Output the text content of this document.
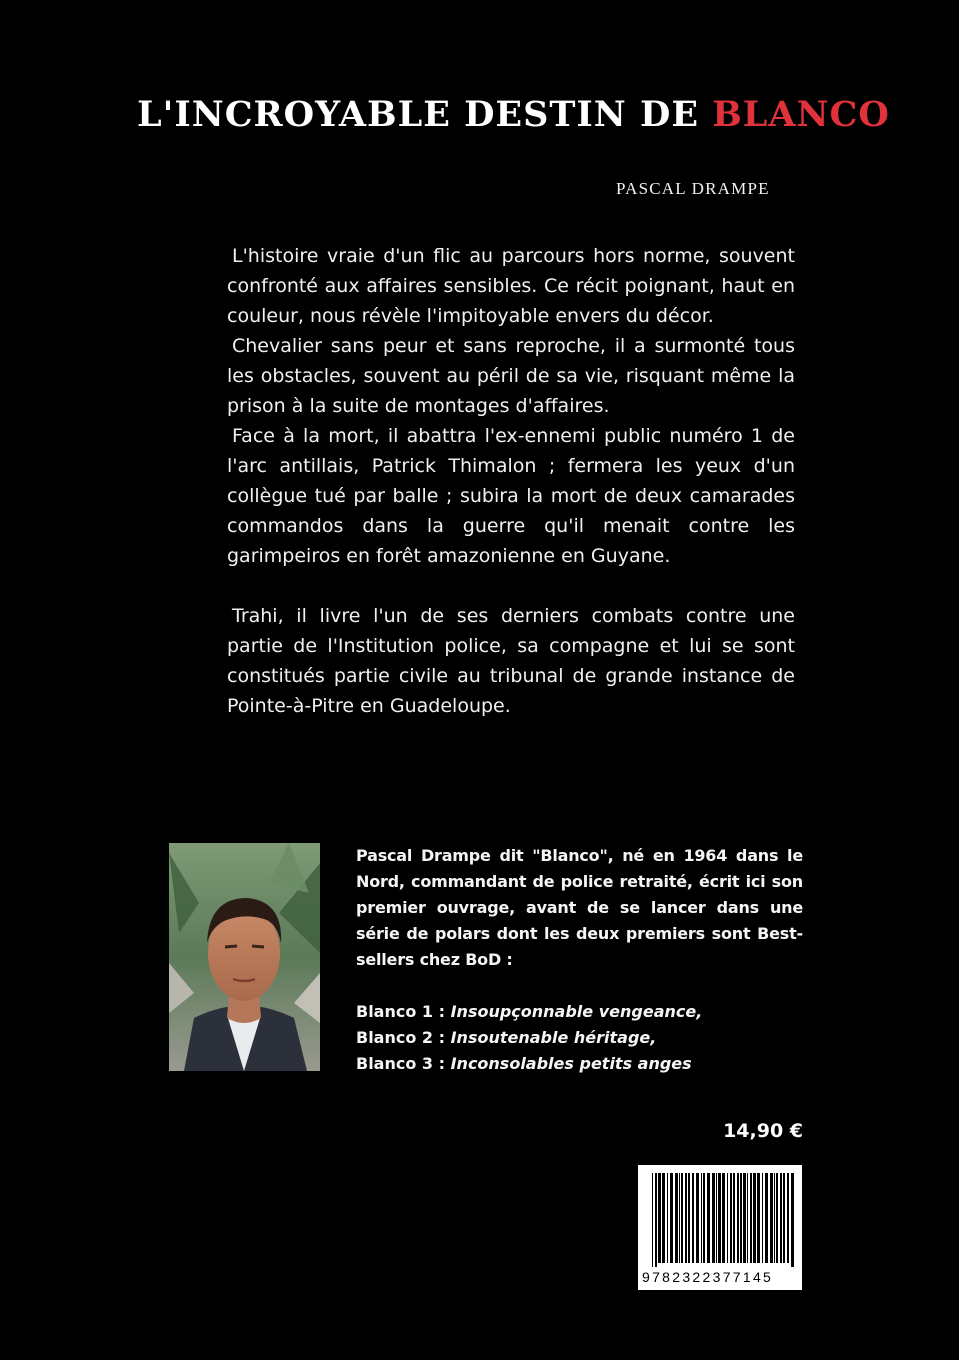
L'INCROYABLE DESTIN DE BLANCO
PASCAL DRAMPE

L'histoire vraie d'un flic au parcours hors norme, souvent confronté aux affaires sensibles. Ce récit poignant, haut en couleur, nous révèle l'impitoyable envers du décor.

Chevalier sans peur et sans reproche, il a surmonté tous les obstacles, souvent au péril de sa vie, risquant même la prison à la suite de montages d'affaires.

Face à la mort, il abattra l'ex-ennemi public numéro 1 de l'arc antillais, Patrick Thimalon ; fermera les yeux d'un collègue tué par balle ; subira la mort de deux camarades commandos dans la guerre qu'il menait contre les garimpeiros en forêt amazonienne en Guyane.

Trahi, il livre l'un de ses derniers combats contre une partie de l'Institution police, sa compagne et lui se sont constitués partie civile au tribunal de grande instance de Pointe-à-Pitre en Guadeloupe.

Pascal Drampe dit "Blanco", né en 1964 dans le Nord, commandant de police retraité, écrit ici son premier ouvrage, avant de se lancer dans une série de polars dont les deux premiers sont Best-sellers chez BoD :

Blanco 1 : Insoupçonnable vengeance,
Blanco 2 : Insoutenable héritage,
Blanco 3 : Inconsolables petits anges
14,90 €
9782322377145
